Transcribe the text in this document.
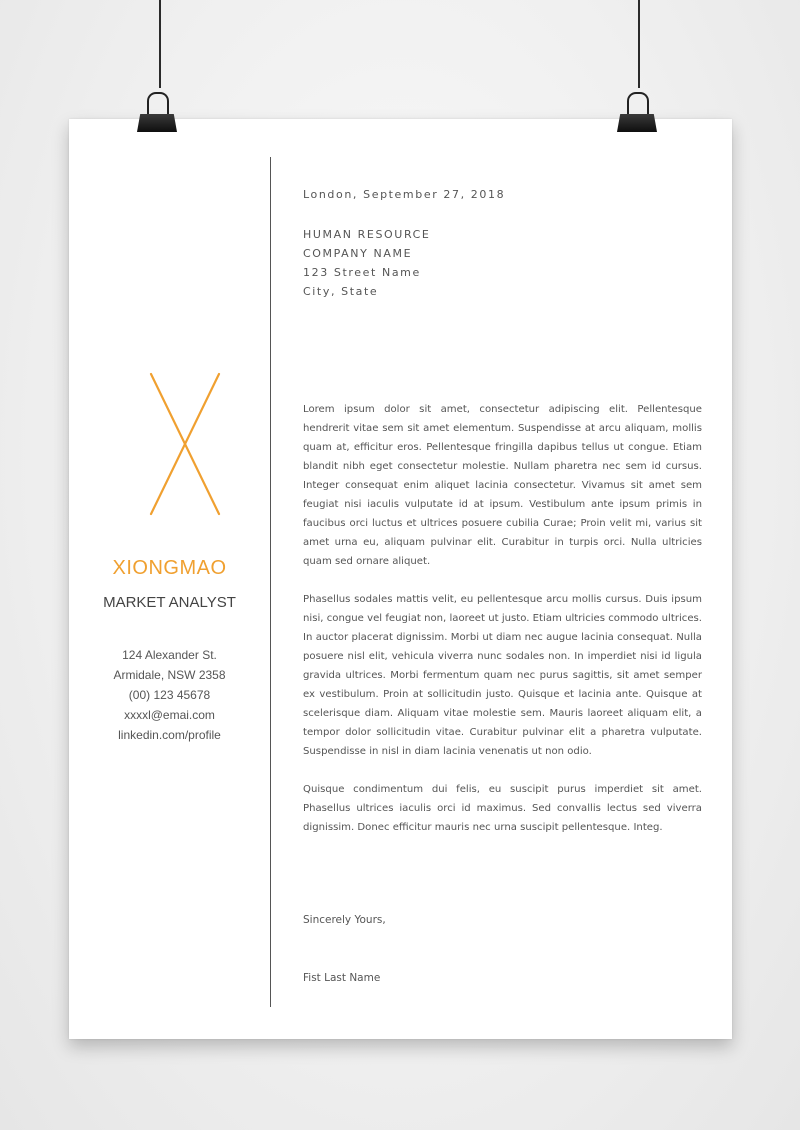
XIONGMAO
MARKET ANALYST
124 Alexander St.
Armidale, NSW 2358
(00) 123 45678
xxxxl@emai.com
linkedin.com/profile
London, September 27, 2018
HUMAN RESOURCE
COMPANY NAME
123 Street Name
City, State

Lorem ipsum dolor sit amet, consectetur adipiscing elit. Pellentesque hendrerit vitae sem sit amet elementum. Suspendisse at arcu aliquam, mollis quam at, efficitur eros. Pellentesque fringilla dapibus tellus ut congue. Etiam blandit nibh eget consectetur molestie. Nullam pharetra nec sem id cursus. Integer consequat enim aliquet lacinia consectetur. Vivamus sit amet sem feugiat nisi iaculis vulputate id at ipsum. Vestibulum ante ipsum primis in faucibus orci luctus et ultrices posuere cubilia Curae; Proin velit mi, varius sit amet urna eu, aliquam pulvinar elit. Curabitur in turpis orci. Nulla ultricies quam sed ornare aliquet.

Phasellus sodales mattis velit, eu pellentesque arcu mollis cursus. Duis ipsum nisi, congue vel feugiat non, laoreet ut justo. Etiam ultricies commodo ultrices. In auctor placerat dignissim. Morbi ut diam nec augue lacinia consequat. Nulla posuere nisl elit, vehicula viverra nunc sodales non. In imperdiet nisi id ligula gravida ultrices. Morbi fermentum quam nec purus sagittis, sit amet semper ex vestibulum. Proin at sollicitudin justo. Quisque et lacinia ante. Quisque at scelerisque diam. Aliquam vitae molestie sem. Mauris laoreet aliquam elit, a tempor dolor sollicitudin vitae. Curabitur pulvinar elit a pharetra vulputate. Suspendisse in nisl in diam lacinia venenatis ut non odio.

Quisque condimentum dui felis, eu suscipit purus imperdiet sit amet. Phasellus ultrices iaculis orci id maximus. Sed convallis lectus sed viverra dignissim. Donec efficitur mauris nec urna suscipit pellentesque. Integ.

Sincerely Yours,
Fist Last Name
